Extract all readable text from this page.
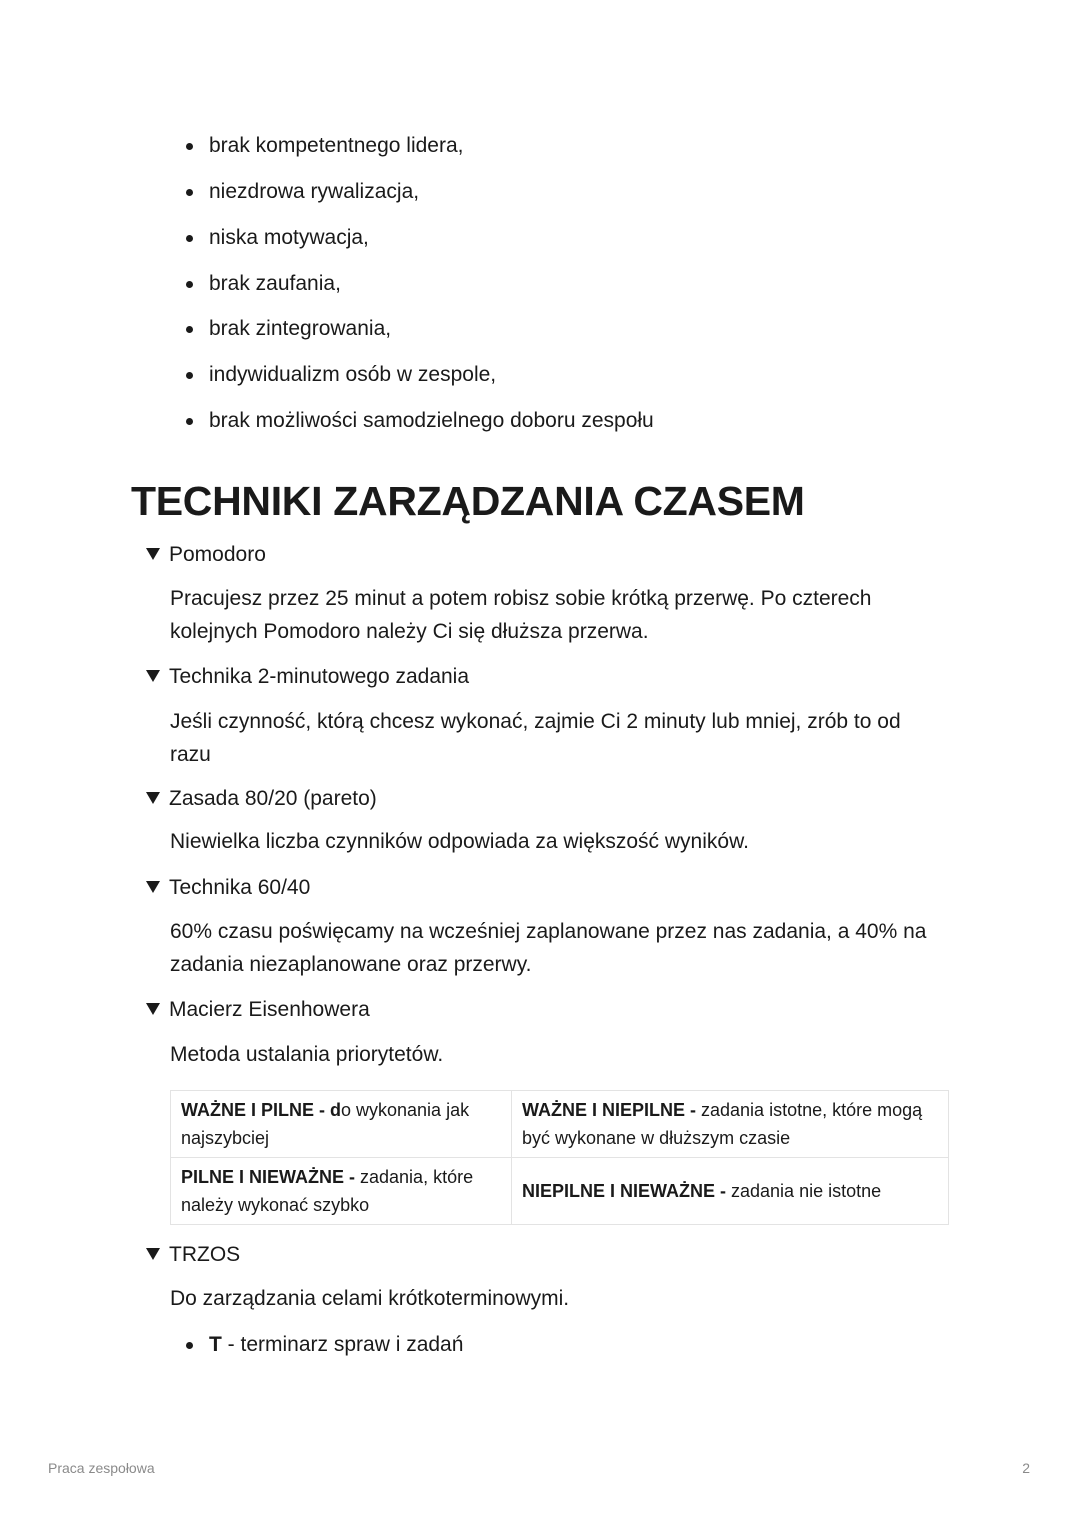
brak kompetentnego lidera,
niezdrowa rywalizacja,
niska motywacja,
brak zaufania,
brak zintegrowania,
indywidualizm osób w zespole,
brak możliwości samodzielnego doboru zespołu
TECHNIKI ZARZĄDZANIA CZASEM
Pomodoro
Pracujesz przez 25 minut a potem robisz sobie krótką przerwę. Po czterech kolejnych Pomodoro należy Ci się dłuższa przerwa.
Technika 2-minutowego zadania
Jeśli czynność, którą chcesz wykonać, zajmie Ci 2 minuty lub mniej, zrób to od razu
Zasada 80/20 (pareto)
Niewielka liczba czynników odpowiada za większość wyników.
Technika 60/40
60% czasu poświęcamy na wcześniej zaplanowane przez nas zadania, a 40% na zadania niezaplanowane oraz przerwy.
Macierz Eisenhowera
Metoda ustalania priorytetów.
WAŻNE I PILNE - do wykonania jak najszybciej	WAŻNE I NIEPILNE - zadania istotne, które mogą być wykonane w dłuższym czasie
PILNE I NIEWAŻNE - zadania, które należy wykonać szybko	NIEPILNE I NIEWAŻNE - zadania nie istotne
TRZOS
Do zarządzania celami krótkoterminowymi.
T - terminarz spraw i zadań
Praca zespołowa	2
